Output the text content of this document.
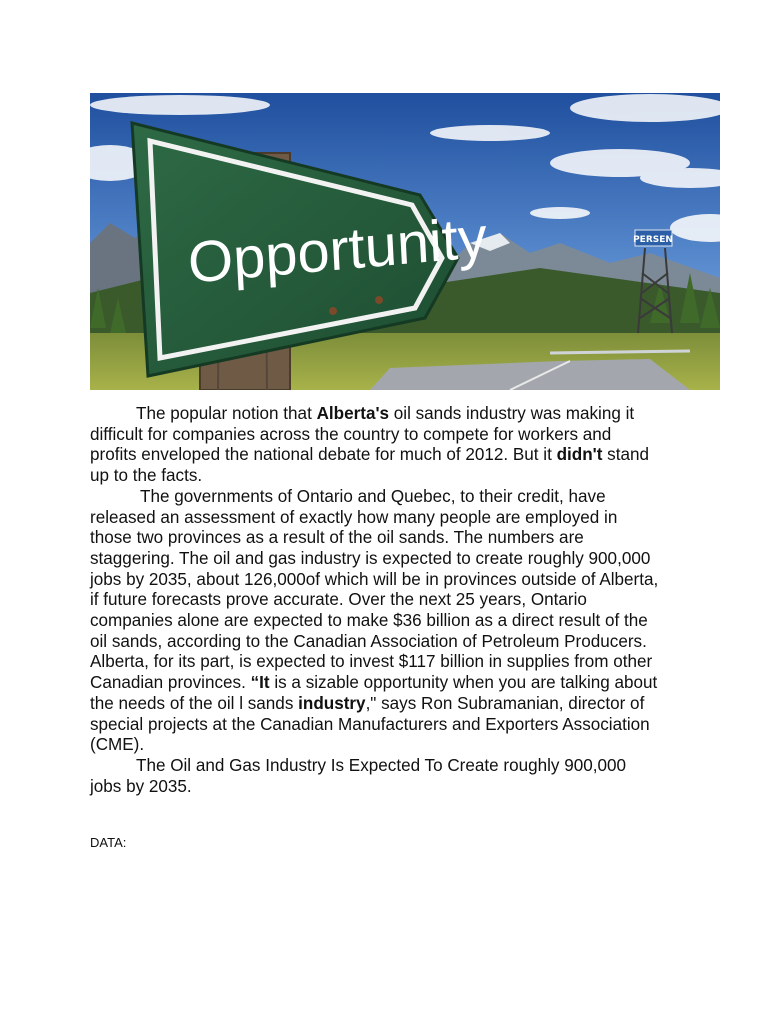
PERSEN
Opportunity
The popular notion that Alberta's oil sands industry was making it
difficult for companies across the country to compete for workers and
profits enveloped the national debate for much of 2012. But it didn't stand
up to the facts.
The governments of Ontario and Quebec, to their credit, have
released an assessment of exactly how many people are employed in
those two provinces as a result of the oil sands. The numbers are
staggering. The oil and gas industry is expected to create roughly 900,000
jobs by 2035, about 126,000of which will be in provinces outside of Alberta,
if future forecasts prove accurate. Over the next 25 years, Ontario
companies alone are expected to make $36 billion as a direct result of the
oil sands, according to the Canadian Association of Petroleum Producers.
Alberta, for its part, is expected to invest $117 billion in supplies from other
Canadian provinces. “It is a sizable opportunity when you are talking about
the needs of the oil l sands industry," says Ron Subramanian, director of
special projects at the Canadian Manufacturers and Exporters Association
(CME).
The Oil and Gas Industry Is Expected To Create roughly 900,000
jobs by 2035.
DATA:
